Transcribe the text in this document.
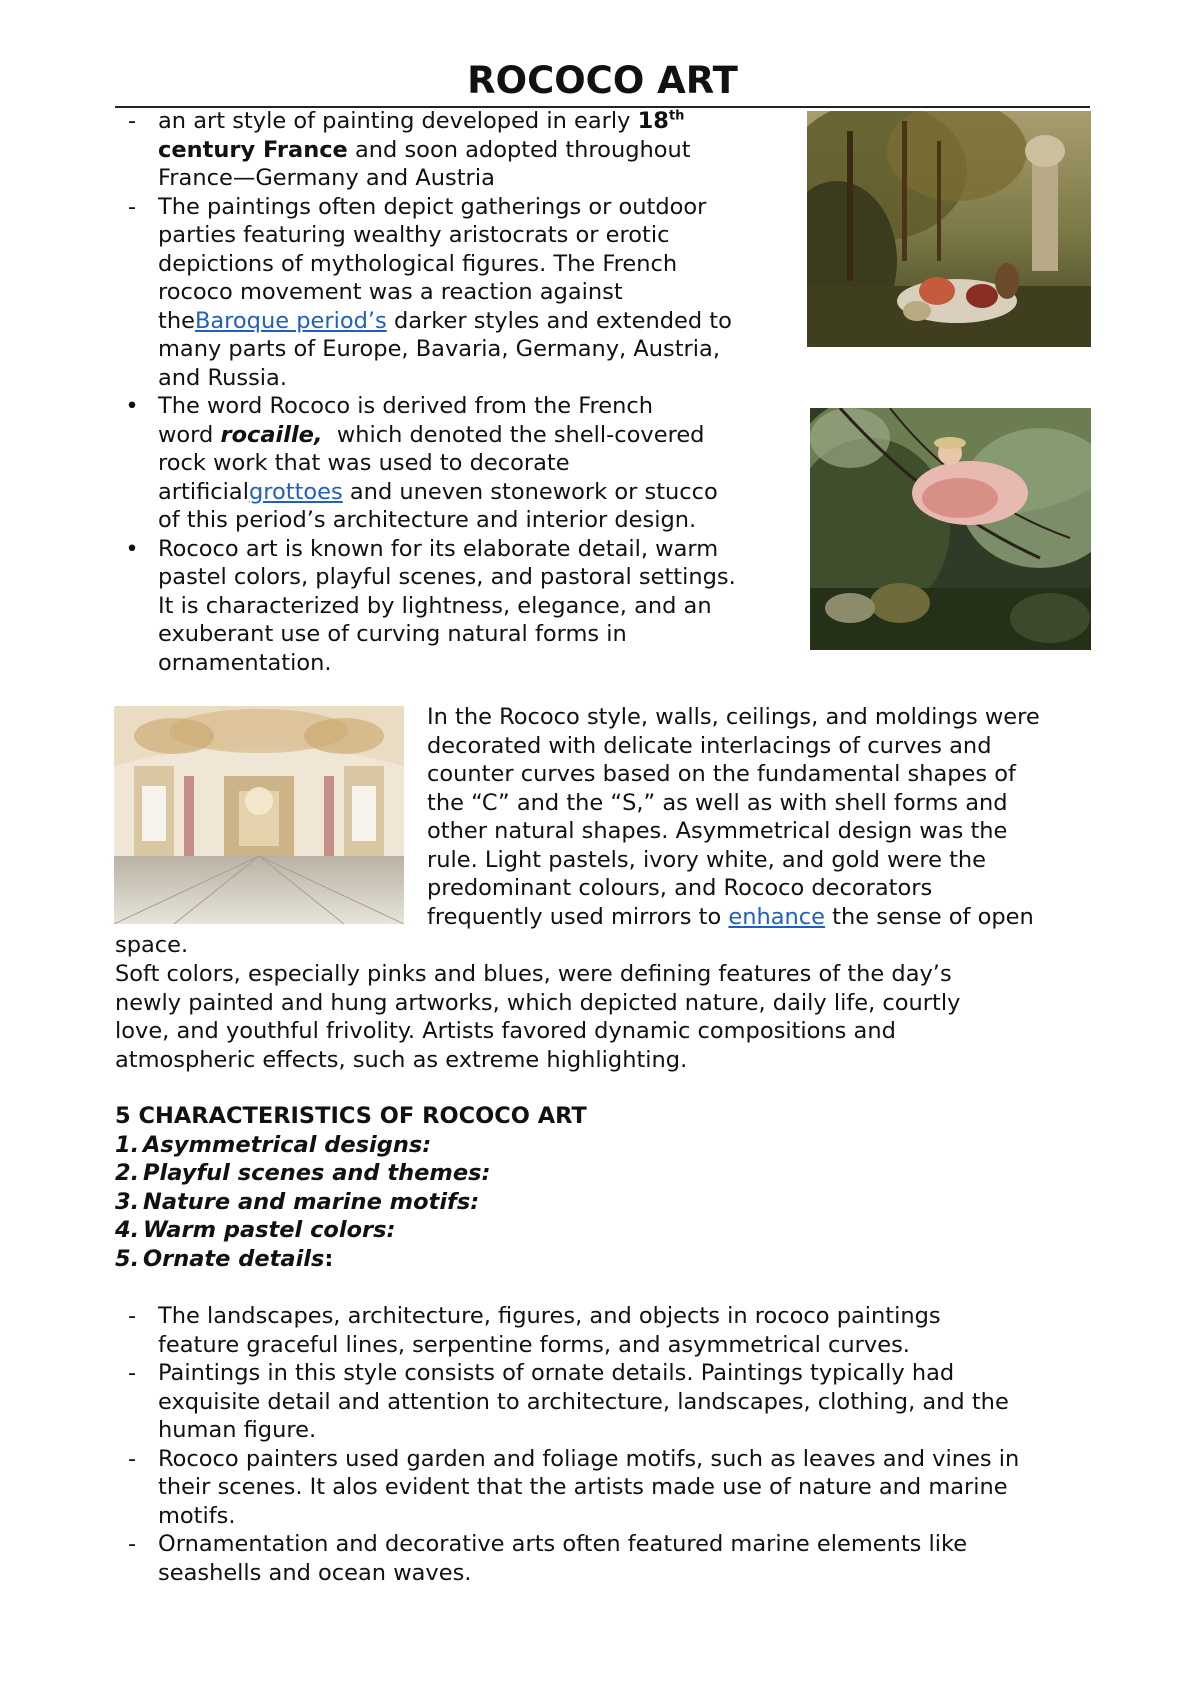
ROCOCO ART
- an art style of painting developed in early 18th
century France and soon adopted throughout
France—Germany and Austria
- The paintings often depict gatherings or outdoor
parties featuring wealthy aristocrats or erotic
depictions of mythological figures. The French
rococo movement was a reaction against
theBaroque period’s darker styles and extended to
many parts of Europe, Bavaria, Germany, Austria,
and Russia.
• The word Rococo is derived from the French
word rocaille, which denoted the shell-covered
rock work that was used to decorate
artificialgrottoes and uneven stonework or stucco
of this period’s architecture and interior design.
• Rococo art is known for its elaborate detail, warm
pastel colors, playful scenes, and pastoral settings.
It is characterized by lightness, elegance, and an
exuberant use of curving natural forms in
ornamentation.
In the Rococo style, walls, ceilings, and moldings were
decorated with delicate interlacings of curves and
counter curves based on the fundamental shapes of
the “C” and the “S,” as well as with shell forms and
other natural shapes. Asymmetrical design was the
rule. Light pastels, ivory white, and gold were the
predominant colours, and Rococo decorators
frequently used mirrors to enhance the sense of open
space.
Soft colors, especially pinks and blues, were defining features of the day’s
newly painted and hung artworks, which depicted nature, daily life, courtly
love, and youthful frivolity. Artists favored dynamic compositions and
atmospheric effects, such as extreme highlighting.
5 CHARACTERISTICS OF ROCOCO ART
1. Asymmetrical designs:
2. Playful scenes and themes:
3. Nature and marine motifs:
4. Warm pastel colors:
5. Ornate details:
- The landscapes, architecture, figures, and objects in rococo paintings
feature graceful lines, serpentine forms, and asymmetrical curves.
- Paintings in this style consists of ornate details. Paintings typically had
exquisite detail and attention to architecture, landscapes, clothing, and the
human figure.
- Rococo painters used garden and foliage motifs, such as leaves and vines in
their scenes. It alos evident that the artists made use of nature and marine
motifs.
- Ornamentation and decorative arts often featured marine elements like
seashells and ocean waves.
